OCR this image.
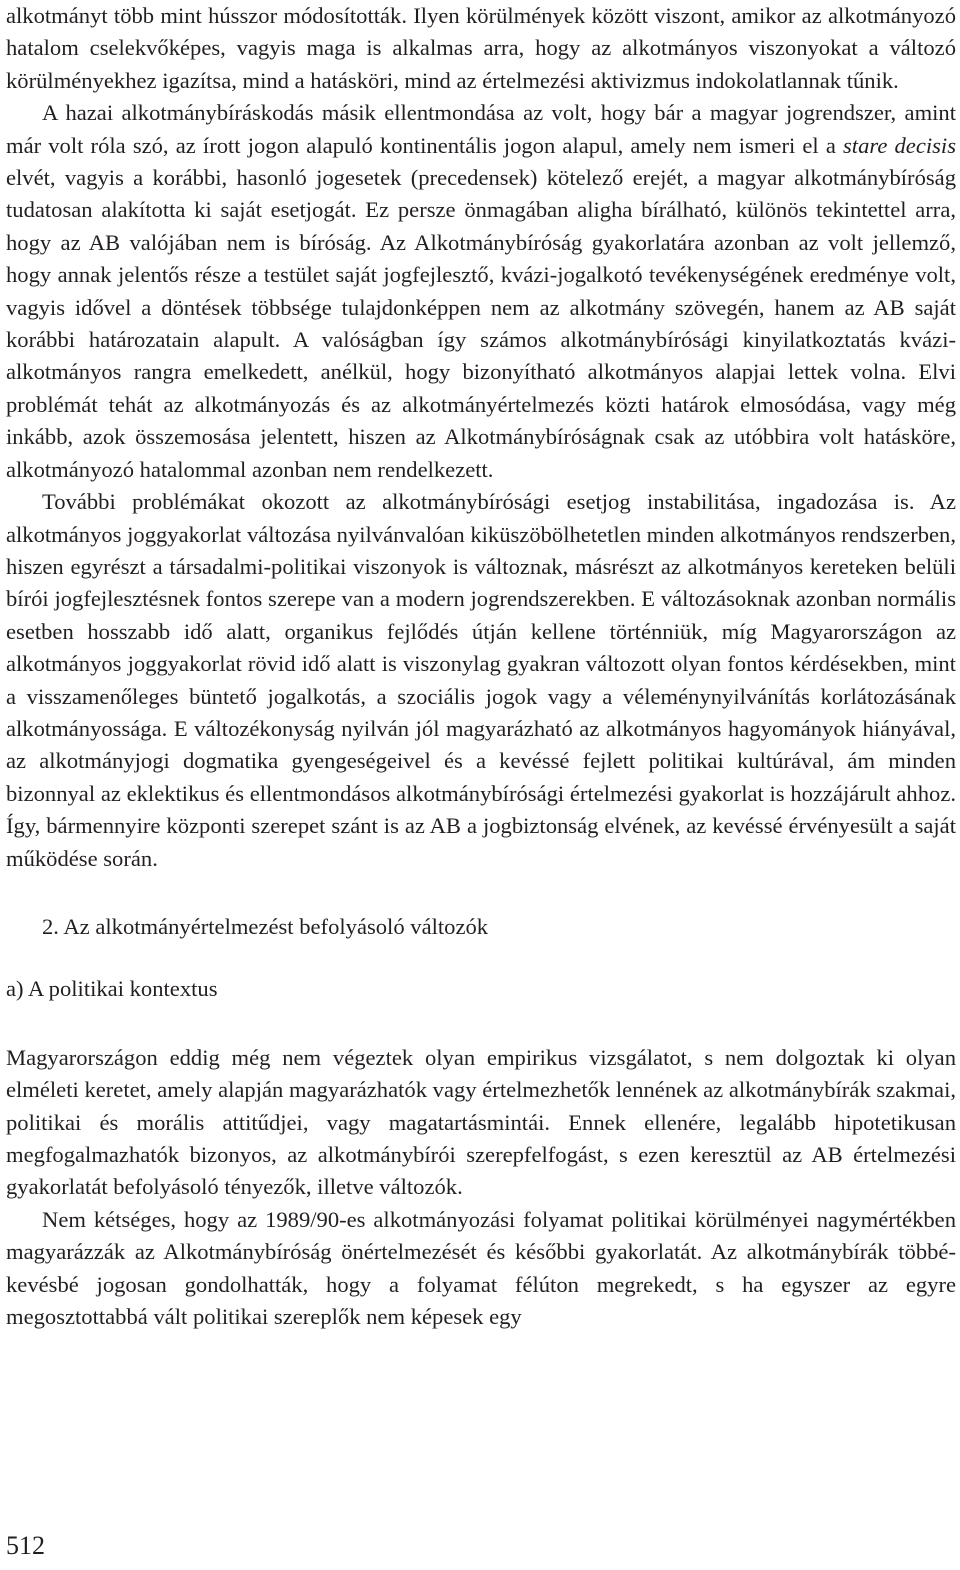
alkotmányt több mint hússzor módosították. Ilyen körülmények között viszont, amikor az alkotmányozó hatalom cselekvőképes, vagyis maga is alkalmas arra, hogy az alkotmányos viszonyokat a változó körülményekhez igazítsa, mind a hatásköri, mind az értelmezési aktivizmus indokolatlannak tűnik.

A hazai alkotmánybíráskodás másik ellentmondása az volt, hogy bár a magyar jogrendszer, amint már volt róla szó, az írott jogon alapuló kontinentális jogon alapul, amely nem ismeri el a stare decisis elvét, vagyis a korábbi, hasonló jogesetek (precedensek) kötelező erejét, a magyar alkotmánybíróság tudatosan alakította ki saját esetjogát. Ez persze önmagában aligha bírálható, különös tekintettel arra, hogy az AB valójában nem is bíróság. Az Alkotmánybíróság gyakorlatára azonban az volt jellemző, hogy annak jelentős része a testület saját jogfejlesztő, kvázi-jogalkotó tevékenységének eredménye volt, vagyis idővel a döntések többsége tulajdonképpen nem az alkotmány szövegén, hanem az AB saját korábbi határozatain alapult. A valóságban így számos alkotmánybírósági kinyilatkoztatás kvázi-alkotmányos rangra emelkedett, anélkül, hogy bizonyítható alkotmányos alapjai lettek volna. Elvi problémát tehát az alkotmányozás és az alkotmányértelmezés közti határok elmosódása, vagy még inkább, azok összemosása jelentett, hiszen az Alkotmánybíróságnak csak az utóbbira volt hatásköre, alkotmányozó hatalommal azonban nem rendelkezett.

További problémákat okozott az alkotmánybírósági esetjog instabilitása, ingadozása is. Az alkotmányos joggyakorlat változása nyilvánvalóan kiküszöbölhetetlen minden alkotmányos rendszerben, hiszen egyrészt a társadalmi-politikai viszonyok is változnak, másrészt az alkotmányos kereteken belüli bírói jogfejlesztésnek fontos szerepe van a modern jogrendszerekben. E változásoknak azonban normális esetben hosszabb idő alatt, organikus fejlődés útján kellene történniük, míg Magyarországon az alkotmányos joggyakorlat rövid idő alatt is viszonylag gyakran változott olyan fontos kérdésekben, mint a visszamenőleges büntető jogalkotás, a szociális jogok vagy a véleménynyilvánítás korlátozásának alkotmányossága. E változékonyság nyilván jól magyarázható az alkotmányos hagyományok hiányával, az alkotmányjogi dogmatika gyengeségeivel és a kevéssé fejlett politikai kultúrával, ám minden bizonnyal az eklektikus és ellentmondásos alkotmánybírósági értelmezési gyakorlat is hozzájárult ahhoz. Így, bármennyire központi szerepet szánt is az AB a jogbiztonság elvének, az kevéssé érvényesült a saját működése során.

2. Az alkotmányértelmezést befolyásoló változók

a) A politikai kontextus

Magyarországon eddig még nem végeztek olyan empirikus vizsgálatot, s nem dolgoztak ki olyan elméleti keretet, amely alapján magyarázhatók vagy értelmezhetők lennének az alkotmánybírák szakmai, politikai és morális attitűdjei, vagy magatartásmintái. Ennek ellenére, legalább hipotetikusan megfogalmazhatók bizonyos, az alkotmánybírói szerepfelfogást, s ezen keresztül az AB értelmezési gyakorlatát befolyásoló tényezők, illetve változók.

Nem kétséges, hogy az 1989/90-es alkotmányozási folyamat politikai körülményei nagymértékben magyarázzák az Alkotmánybíróság önértelmezését és későbbi gyakorlatát. Az alkotmánybírák többé-kevésbé jogosan gondolhatták, hogy a folyamat félúton megrekedt, s ha egyszer az egyre megosztottabbá vált politikai szereplők nem képesek egy

512
